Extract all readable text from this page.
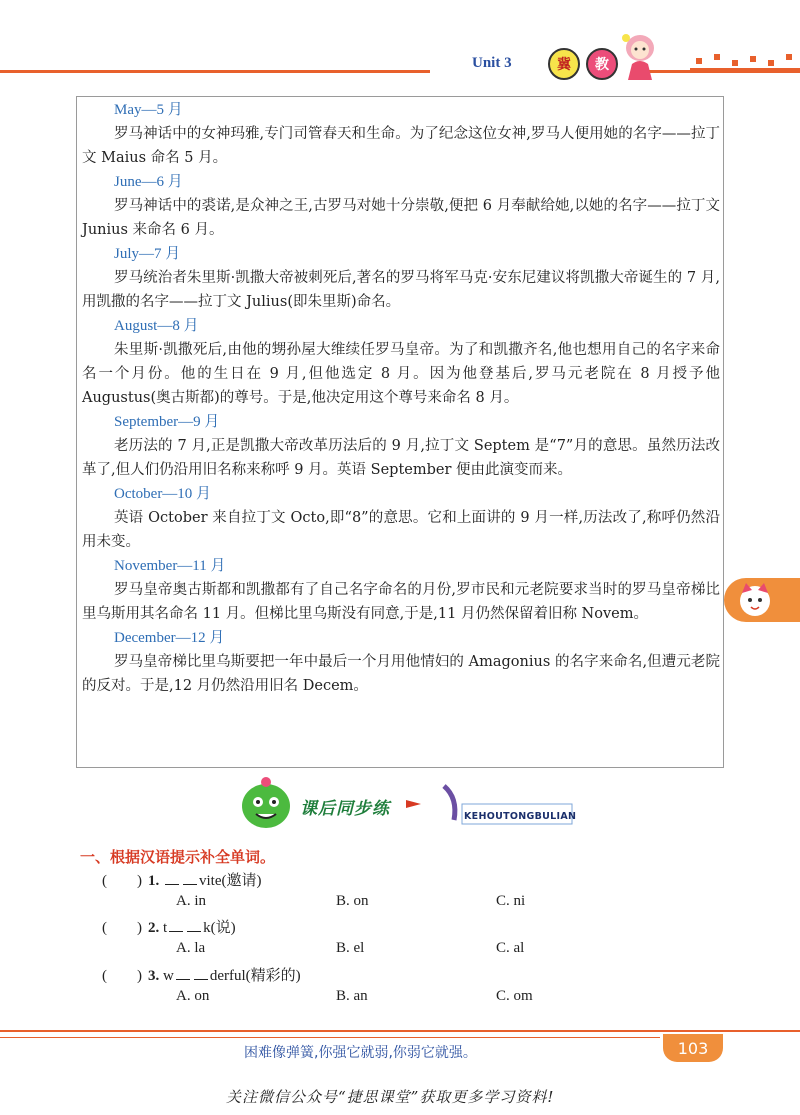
Unit 3	冀	教
May—5 月

罗马神话中的女神玛雅,专门司管春天和生命。为了纪念这位女神,罗马人便用她的名字——拉丁文 Maius 命名 5 月。

June—6 月

罗马神话中的裘诺,是众神之王,古罗马对她十分崇敬,便把 6 月奉献给她,以她的名字——拉丁文 Junius 来命名 6 月。

July—7 月

罗马统治者朱里斯·凯撒大帝被刺死后,著名的罗马将军马克·安东尼建议将凯撒大帝诞生的 7 月,用凯撒的名字——拉丁文 Julius(即朱里斯)命名。

August—8 月

朱里斯·凯撒死后,由他的甥孙屋大维续任罗马皇帝。为了和凯撒齐名,他也想用自己的名字来命名一个月份。他的生日在 9 月,但他选定 8 月。因为他登基后,罗马元老院在 8 月授予他 Augustus(奥古斯都)的尊号。于是,他决定用这个尊号来命名 8 月。

September—9 月

老历法的 7 月,正是凯撒大帝改革历法后的 9 月,拉丁文 Septem 是“7”月的意思。虽然历法改革了,但人们仍沿用旧名称来称呼 9 月。英语 September 便由此演变而来。

October—10 月

英语 October 来自拉丁文 Octo,即“8”的意思。它和上面讲的 9 月一样,历法改了,称呼仍然沿用未变。

November—11 月

罗马皇帝奥古斯都和凯撒都有了自己名字命名的月份,罗市民和元老院要求当时的罗马皇帝梯比里乌斯用其名命名 11 月。但梯比里乌斯没有同意,于是,11 月仍然保留着旧称 Novem。

December—12 月

罗马皇帝梯比里乌斯要把一年中最后一个月用他情妇的 Amagonius 的名字来命名,但遭元老院的反对。于是,12 月仍然沿用旧名 Decem。

课后同步练	KEHOUTONGBULIAN
一、根据汉语提示补全单词。
(　　) 1.	vite(邀请)
A. in	B. on	C. ni
(　　) 2. t k(说)
A. la	B. el	C. al
(　　) 3. w derful(精彩的)
A. on	B. an	C. om
困难像弹簧,你强它就弱,你弱它就强。	103
关注微信公众号“捷思课堂”获取更多学习资料!
